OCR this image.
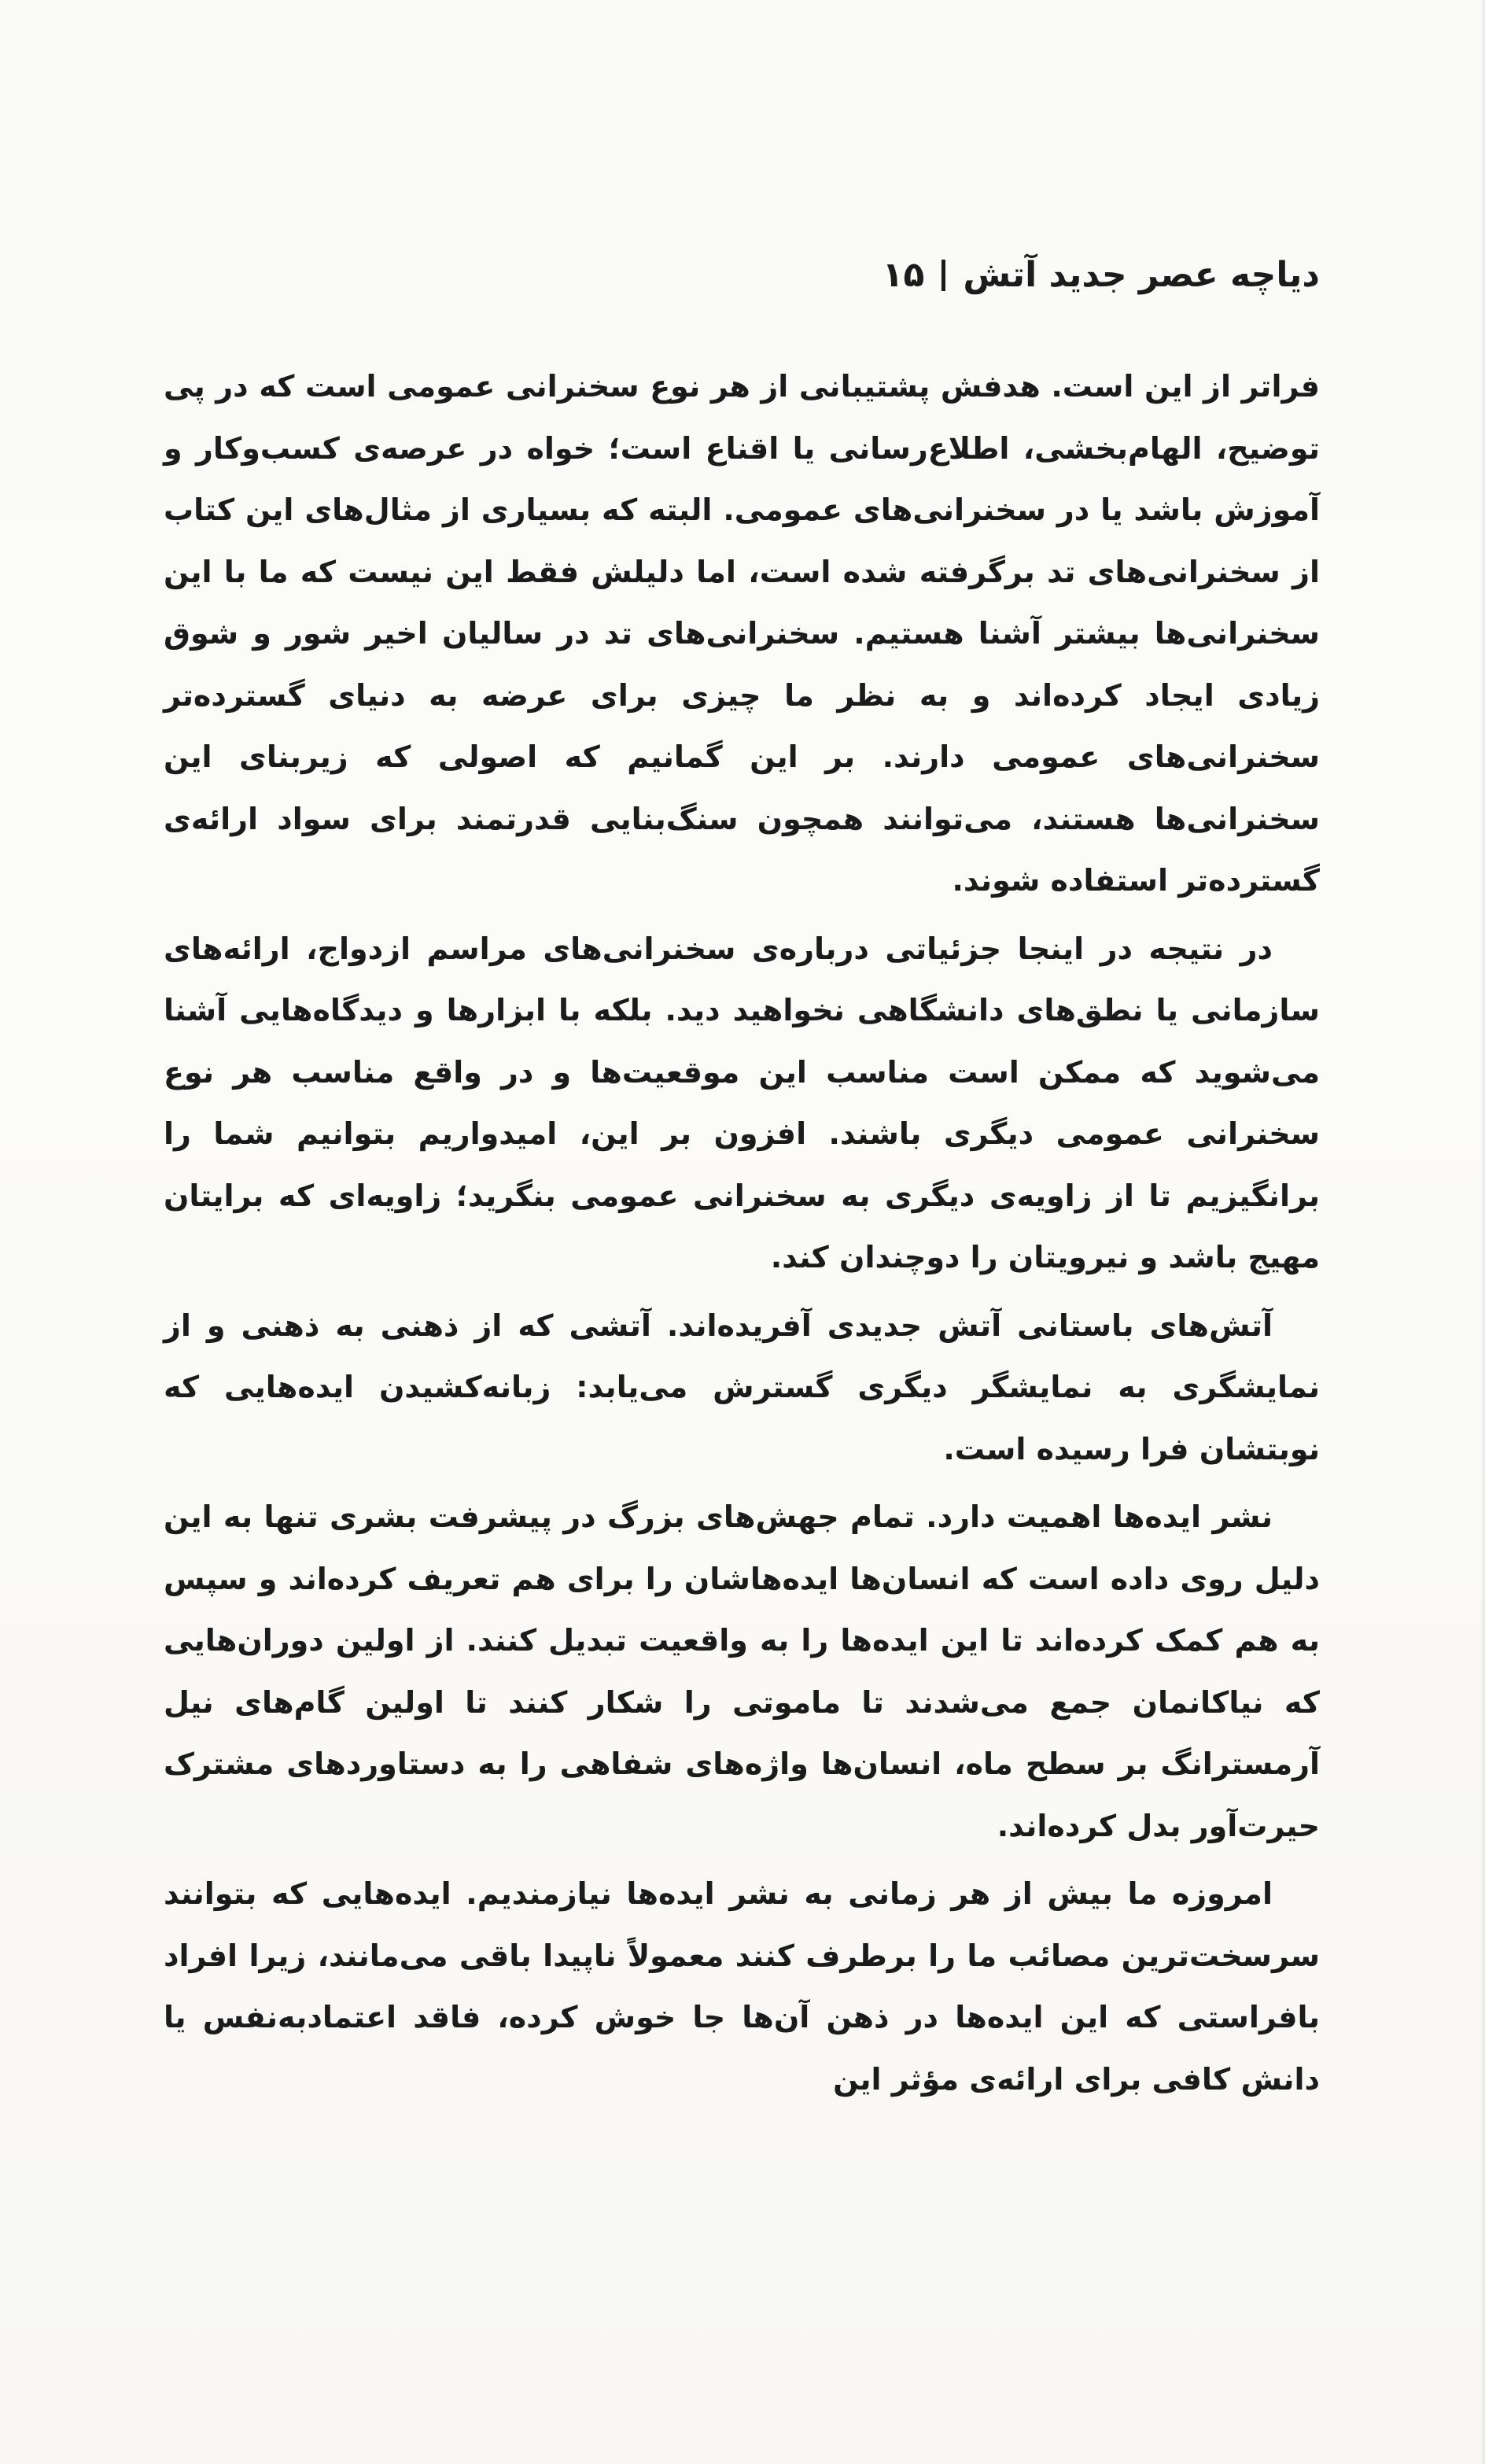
دیاچه عصر جدید آتش۱۵

فراتر از این است. هدفش پشتیبانی از هر نوع سخنرانی عمومی است که در پی توضیح، الهام‌بخشی، اطلاع‌رسانی یا اقناع است؛ خواه در عرصه‌ی کسب‌وکار و آموزش باشد یا در سخنرانی‌های عمومی. البته که بسیاری از مثال‌های این کتاب از سخنرانی‌های تد برگرفته شده است، اما دلیلش فقط این نیست که ما با این سخنرانی‌ها بیشتر آشنا هستیم. سخنرانی‌های تد در سالیان اخیر شور و شوق زیادی ایجاد کرده‌اند و به نظر ما چیزی برای عرضه به دنیای گسترده‌تر سخنرانی‌های عمومی دارند. بر این گمانیم که اصولی که زیربنای این سخنرانی‌ها هستند، می‌توانند همچون سنگ‌بنایی قدرتمند برای سواد ارائه‌ی گسترده‌تر استفاده شوند.

در نتیجه در اینجا جزئیاتی درباره‌ی سخنرانی‌های مراسم ازدواج، ارائه‌های سازمانی یا نطق‌های دانشگاهی نخواهید دید. بلکه با ابزارها و دیدگاه‌هایی آشنا می‌شوید که ممکن است مناسب این موقعیت‌ها و در واقع مناسب هر نوع سخنرانی عمومی دیگری باشند. افزون بر این، امیدواریم بتوانیم شما را برانگیزیم تا از زاویه‌ی دیگری به سخنرانی عمومی بنگرید؛ زاویه‌ای که برایتان مهیج باشد و نیرویتان را دوچندان کند.

آتش‌های باستانی آتش جدیدی آفریده‌اند. آتشی که از ذهنی به ذهنی و از نمایشگری به نمایشگر دیگری گسترش می‌یابد: زبانه‌کشیدن ایده‌هایی که نوبتشان فرا رسیده است.

نشر ایده‌ها اهمیت دارد. تمام جهش‌های بزرگ در پیشرفت بشری تنها به این دلیل روی داده است که انسان‌ها ایده‌هاشان را برای هم تعریف کرده‌اند و سپس به هم کمک کرده‌اند تا این ایده‌ها را به واقعیت تبدیل کنند. از اولین دوران‌هایی که نیاکانمان جمع می‌شدند تا ماموتی را شکار کنند تا اولین گام‌های نیل آرمسترانگ بر سطح ماه، انسان‌ها واژه‌های شفاهی را به دستاوردهای مشترک حیرت‌آور بدل کرده‌اند.

امروزه ما بیش از هر زمانی به نشر ایده‌ها نیازمندیم. ایده‌هایی که بتوانند سرسخت‌ترین مصائب ما را برطرف کنند معمولاً ناپیدا باقی می‌مانند، زیرا افراد بافراستی که این ایده‌ها در ذهن آن‌ها جا خوش کرده، فاقد اعتمادبه‌نفس یا دانش کافی برای ارائه‌ی مؤثر این
